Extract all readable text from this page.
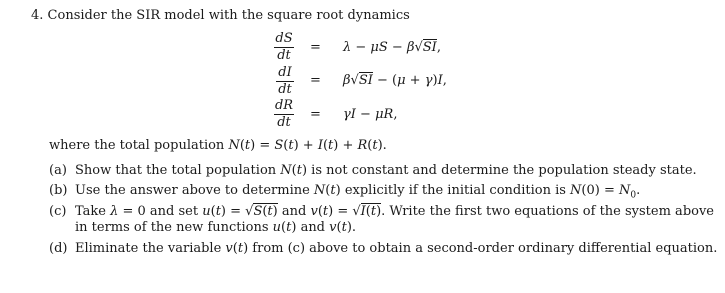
4. Consider the SIR model with the square root dynamics
dS
dt
= λ − μS − β√SI,
dI
dt
= β√SI − (μ + γ)I,
dR
dt
= γI − μR,
where the total population N(t) = S(t) + I(t) + R(t).
(a) Show that the total population N(t) is not constant and determine the population steady state.
(b) Use the answer above to determine N(t) explicitly if the initial condition is $N(0) = N_0$.
(c) Take λ = 0 and set u(t) = √S(t) and v(t) = √I(t). Write the first two equations of the system above
in terms of the new functions u(t) and v(t).
(d) Eliminate the variable v(t) from (c) above to obtain a second-order ordinary differential equation.
